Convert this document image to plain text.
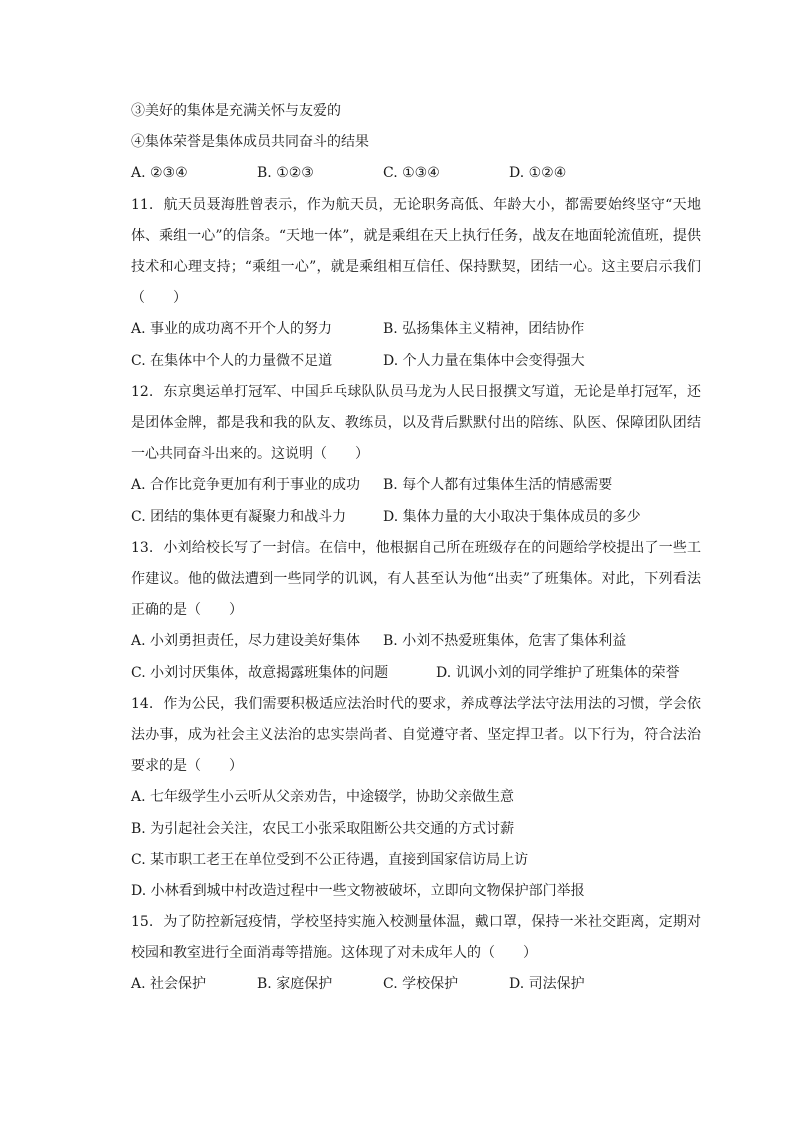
③美好的集体是充满关怀与友爱的
④集体荣誉是集体成员共同奋斗的结果
A. ②③④	B. ①②③	C. ①③④	D. ①②④
11. 航天员聂海胜曾表示，作为航天员，无论职务高低、年龄大小，都需要始终坚守“天地体、乘组一心”的信条。“天地一体”，就是乘组在天上执行任务，战友在地面轮流值班，提供技术和心理支持；“乘组一心”，就是乘组相互信任、保持默契，团结一心。这主要启示我们（　　）
A. 事业的成功离不开个人的努力	B. 弘扬集体主义精神，团结协作
C. 在集体中个人的力量微不足道	D. 个人力量在集体中会变得强大
12. 东京奥运单打冠军、中国乒乓球队队员马龙为人民日报撰文写道，无论是单打冠军，还是团体金牌，都是我和我的队友、教练员，以及背后默默付出的陪练、队医、保障团队团结一心共同奋斗出来的。这说明（　　）
A. 合作比竞争更加有利于事业的成功	B. 每个人都有过集体生活的情感需要
C. 团结的集体更有凝聚力和战斗力	D. 集体力量的大小取决于集体成员的多少
13. 小刘给校长写了一封信。在信中，他根据自己所在班级存在的问题给学校提出了一些工作建议。他的做法遭到一些同学的讥讽，有人甚至认为他“出卖”了班集体。对此，下列看法正确的是（　　）
A. 小刘勇担责任，尽力建设美好集体	B. 小刘不热爱班集体，危害了集体利益
C. 小刘讨厌集体，故意揭露班集体的问题	D. 讥讽小刘的同学维护了班集体的荣誉
14. 作为公民，我们需要积极适应法治时代的要求，养成尊法学法守法用法的习惯，学会依法办事，成为社会主义法治的忠实崇尚者、自觉遵守者、坚定捍卫者。以下行为，符合法治要求的是（　　）
A. 七年级学生小云听从父亲劝告，中途辍学，协助父亲做生意
B. 为引起社会关注，农民工小张采取阻断公共交通的方式讨薪
C. 某市职工老王在单位受到不公正待遇，直接到国家信访局上访
D. 小林看到城中村改造过程中一些文物被破坏，立即向文物保护部门举报
15. 为了防控新冠疫情，学校坚持实施入校测量体温，戴口罩，保持一米社交距离，定期对校园和教室进行全面消毒等措施。这体现了对未成年人的（　　）
A. 社会保护	B. 家庭保护	C. 学校保护	D. 司法保护
